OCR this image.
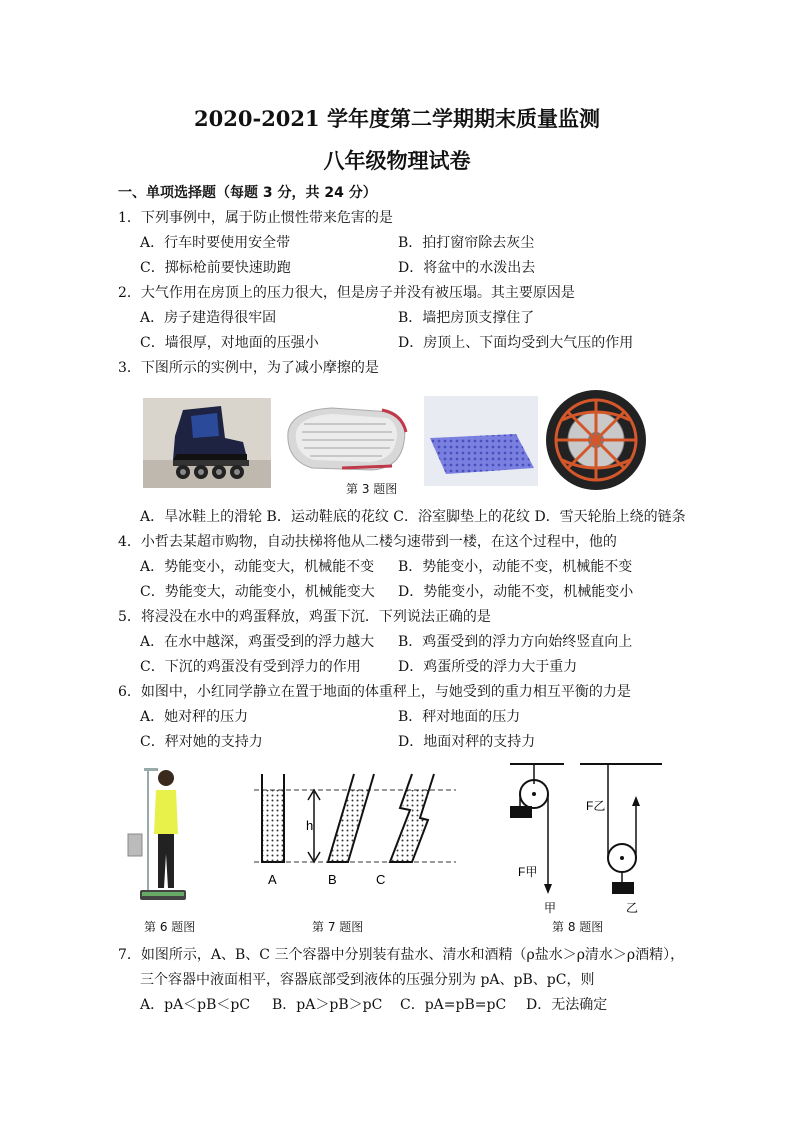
2020-2021 学年度第二学期期末质量监测
八年级物理试卷
一、单项选择题（每题 3 分，共 24 分）
1．下列事例中，属于防止惯性带来危害的是
A．行车时要使用安全带	B．拍打窗帘除去灰尘
C．掷标枪前要快速助跑	D．将盆中的水泼出去
2．大气作用在房顶上的压力很大，但是房子并没有被压塌。其主要原因是
A．房子建造得很牢固	B．墙把房顶支撑住了
C．墙很厚，对地面的压强小	D．房顶上、下面均受到大气压的作用
3．下图所示的实例中，为了减小摩擦的是
第 3 题图
A．旱冰鞋上的滑轮 B．运动鞋底的花纹 C．浴室脚垫上的花纹 D．雪天轮胎上绕的链条
4．小哲去某超市购物，自动扶梯将他从二楼匀速带到一楼，在这个过程中，他的
A．势能变小，动能变大，机械能不变 B．势能变小，动能不变，机械能不变
C．势能变大，动能变小，机械能变大 D．势能变小，动能不变，机械能变小
5．将浸没在水中的鸡蛋释放，鸡蛋下沉．下列说法正确的是
A．在水中越深，鸡蛋受到的浮力越大 B．鸡蛋受到的浮力方向始终竖直向上
C．下沉的鸡蛋没有受到浮力的作用	D．鸡蛋所受的浮力大于重力
6．如图中，小红同学静立在置于地面的体重秤上，与她受到的重力相互平衡的力是
A．她对秤的压力	B．秤对地面的压力
C．秤对她的支持力	D．地面对秤的支持力
第 6 题图
A	B	C
h
第 7 题图
F甲
F乙
甲	乙
第 8 题图
7．如图所示，A、B、C 三个容器中分别装有盐水、清水和酒精（ρ盐水＞ρ清水＞ρ酒精），
三个容器中液面相平，容器底部受到液体的压强分别为 pA、pB、pC，则
A．pA＜pB＜pC B．pA＞pB＞pC C．pA=pB=pC D．无法确定
